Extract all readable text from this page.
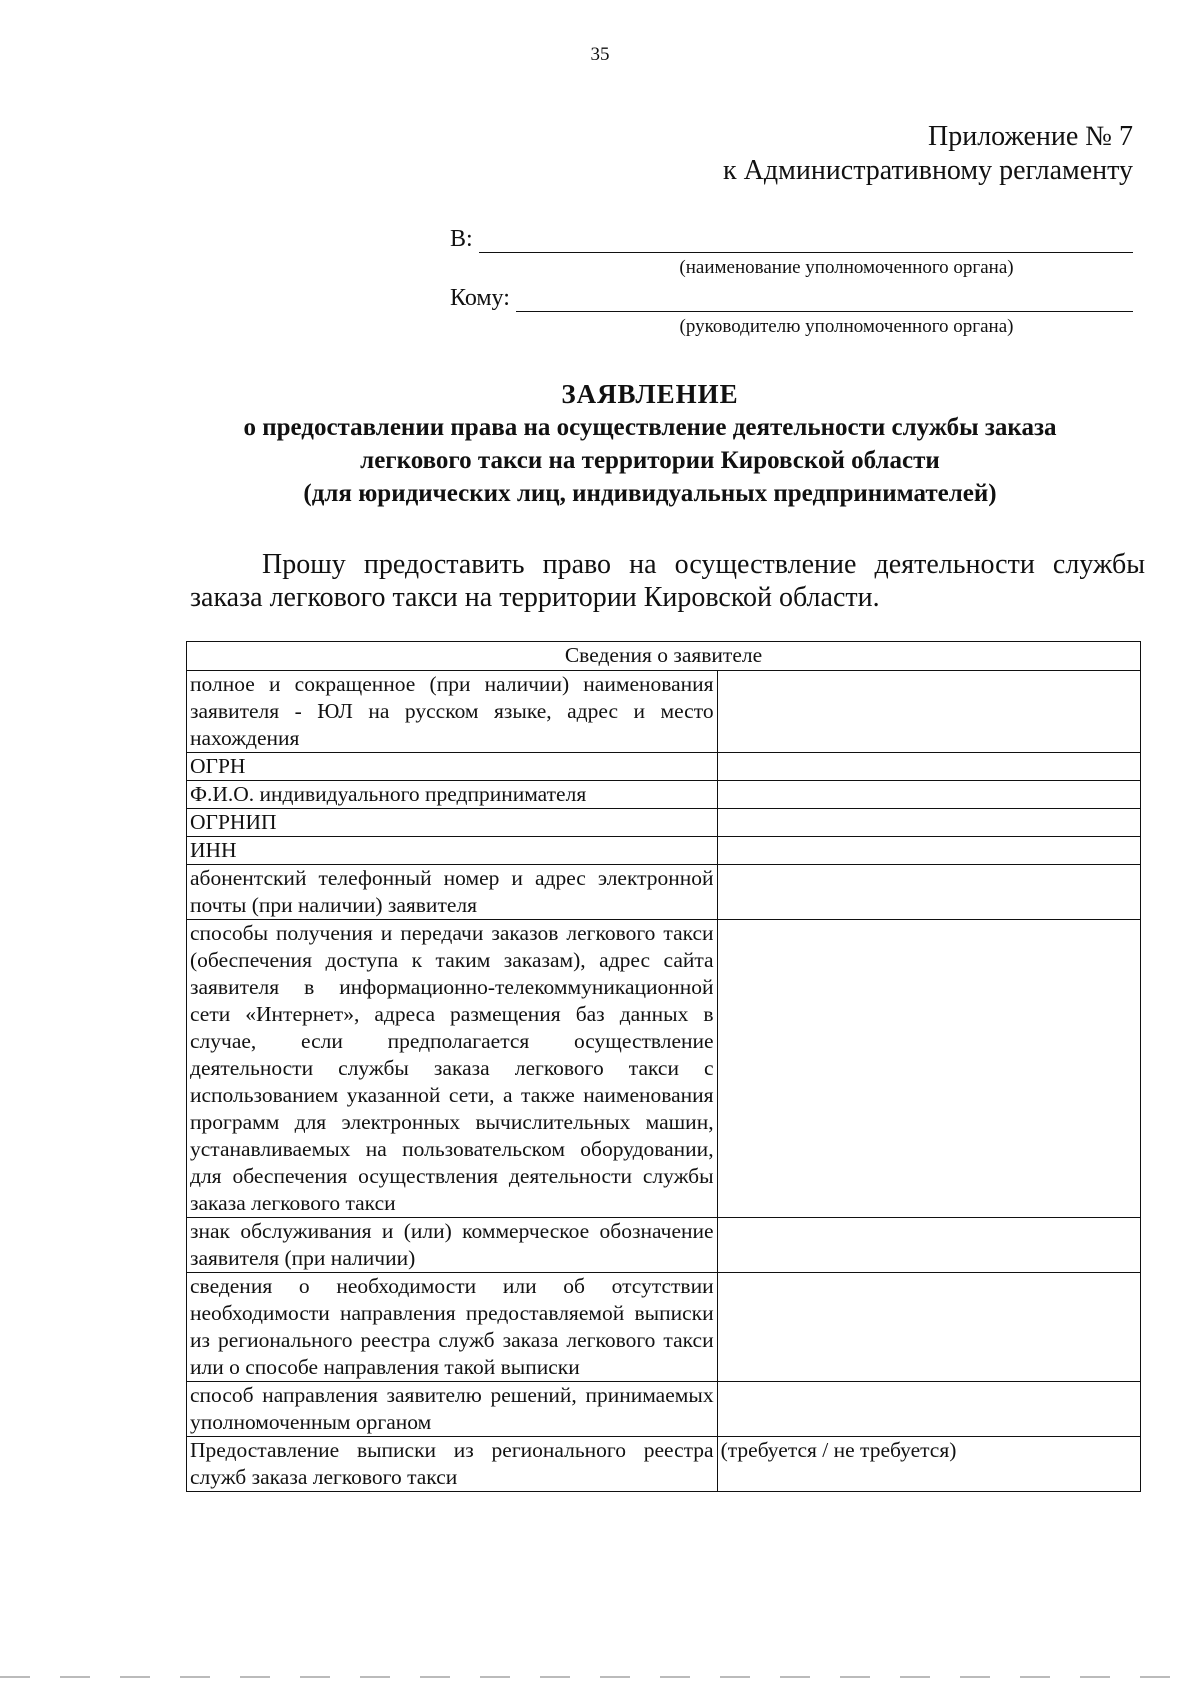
35
Приложение № 7
к Административному регламенту
В:
(наименование уполномоченного органа)
Кому:
(руководителю уполномоченного органа)
ЗАЯВЛЕНИЕ
о предоставлении права на осуществление деятельности службы заказа
легкового такси на территории Кировской области
(для юридических лиц, индивидуальных предпринимателей)
Прошу предоставить право на осуществление деятельности службы заказа легкового такси на территории Кировской области.
Сведения о заявителе	
полное и сокращенное (при наличии) наименования заявителя - ЮЛ на русском языке, адрес и место нахождения	
ОГРН	
Ф.И.О. индивидуального предпринимателя	
ОГРНИП	
ИНН	
абонентский телефонный номер и адрес электронной почты (при наличии) заявителя	
способы получения и передачи заказов легкового такси (обеспечения доступа к таким заказам), адрес сайта заявителя в информационно-телекоммуникационной сети «Интернет», адреса размещения баз данных в случае, если предполагается осуществление деятельности службы заказа легкового такси с использованием указанной сети, а также наименования программ для электронных вычислительных машин, устанавливаемых на пользовательском оборудовании, для обеспечения осуществления деятельности службы заказа легкового такси	
знак обслуживания и (или) коммерческое обозначение заявителя (при наличии)	
сведения о необходимости или об отсутствии необходимости направления предоставляемой выписки из регионального реестра служб заказа легкового такси или о способе направления такой выписки	
способ направления заявителю решений, принимаемых уполномоченным органом	
Предоставление выписки из регионального реестра служб заказа легкового такси	(требуется / не требуется)
